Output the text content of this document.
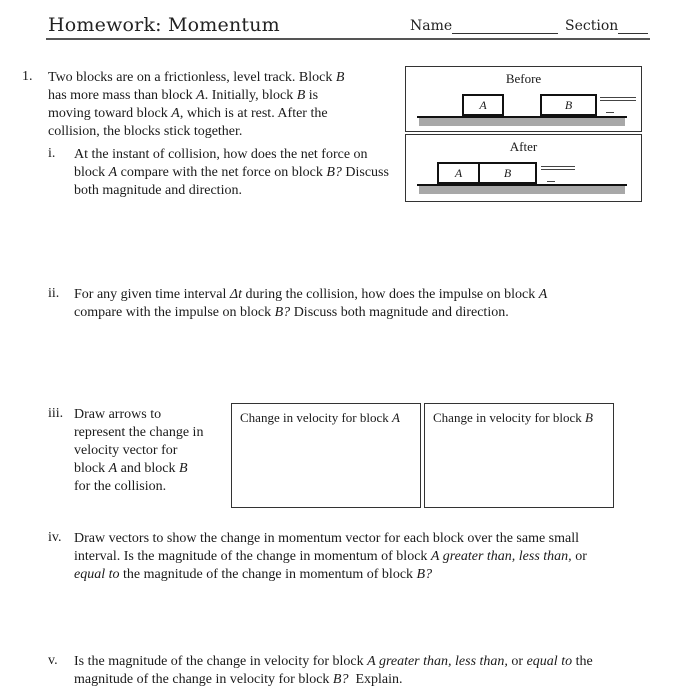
Homework: Momentum	Name	Section
1. Two blocks are on a frictionless, level track. Block B
has more mass than block A. Initially, block B is
moving toward block A, which is at rest. After the
collision, the blocks stick together.
i. At the instant of collision, how does the net force on block A compare with the net force on block B? Discuss both magnitude and direction.
Before
A	B
After
A	B
ii. For any given time interval Δt during the collision, how does the impulse on block A
compare with the impulse on block B? Discuss both magnitude and direction.
iii. Draw arrows to
represent the change in
velocity vector for
block A and block B
for the collision.
Change in velocity for block A	Change in velocity for block B
iv. Draw vectors to show the change in momentum vector for each block over the same small
interval. Is the magnitude of the change in momentum of block A greater than, less than, or
equal to the magnitude of the change in momentum of block B?
v. Is the magnitude of the change in velocity for block A greater than, less than, or equal to the
magnitude of the change in velocity for block B?  Explain.
